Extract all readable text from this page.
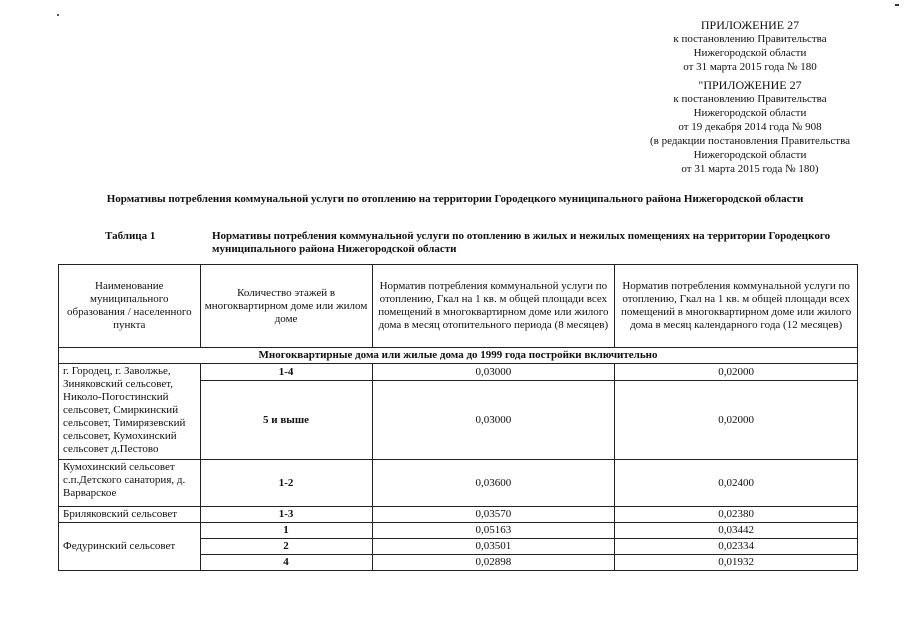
ПРИЛОЖЕНИЕ 27
к постановлению Правительства
Нижегородской области
от 31 марта 2015 года № 180
"ПРИЛОЖЕНИЕ 27
к постановлению Правительства
Нижегородской области
от 19 декабря 2014 года № 908
(в редакции постановления Правительства
Нижегородской области
от 31 марта 2015 года № 180)
Нормативы потребления коммунальной услуги по отоплению на территории Городецкого муниципального района Нижегородской области
Таблица 1	Нормативы потребления коммунальной услуги по отоплению в жилых и нежилых помещениях на территории Городецкого муниципального района Нижегородской области
Наименование муниципального образования / населенного пункта	Количество этажей в многоквартирном доме или жилом доме	Норматив потребления коммунальной услуги по отоплению, Гкал на 1 кв. м общей площади всех помещений в многоквартирном доме или жилого дома в месяц отопительного периода (8 месяцев)	Норматив потребления коммунальной услуги по отоплению, Гкал на 1 кв. м общей площади всех помещений в многоквартирном доме или жилого дома в месяц календарного года (12 месяцев)
Многоквартирные дома или жилые дома до 1999 года постройки включительно			
г. Городец, г. Заволжье, Зиняковский сельсовет, Николо-Погостинский сельсовет, Смиркинский сельсовет, Тимирязевский сельсовет, Кумохинский сельсовет д.Пестово	1-4	0,03000	0,02000
	5 и выше	0,03000	0,02000
Кумохинский сельсовет с.п.Детского санатория, д. Варварское	1-2	0,03600	0,02400
Бриляковский сельсовет	1-3	0,03570	0,02380
Федуринский сельсовет	1	0,05163	0,03442
	2	0,03501	0,02334
	4	0,02898	0,01932
